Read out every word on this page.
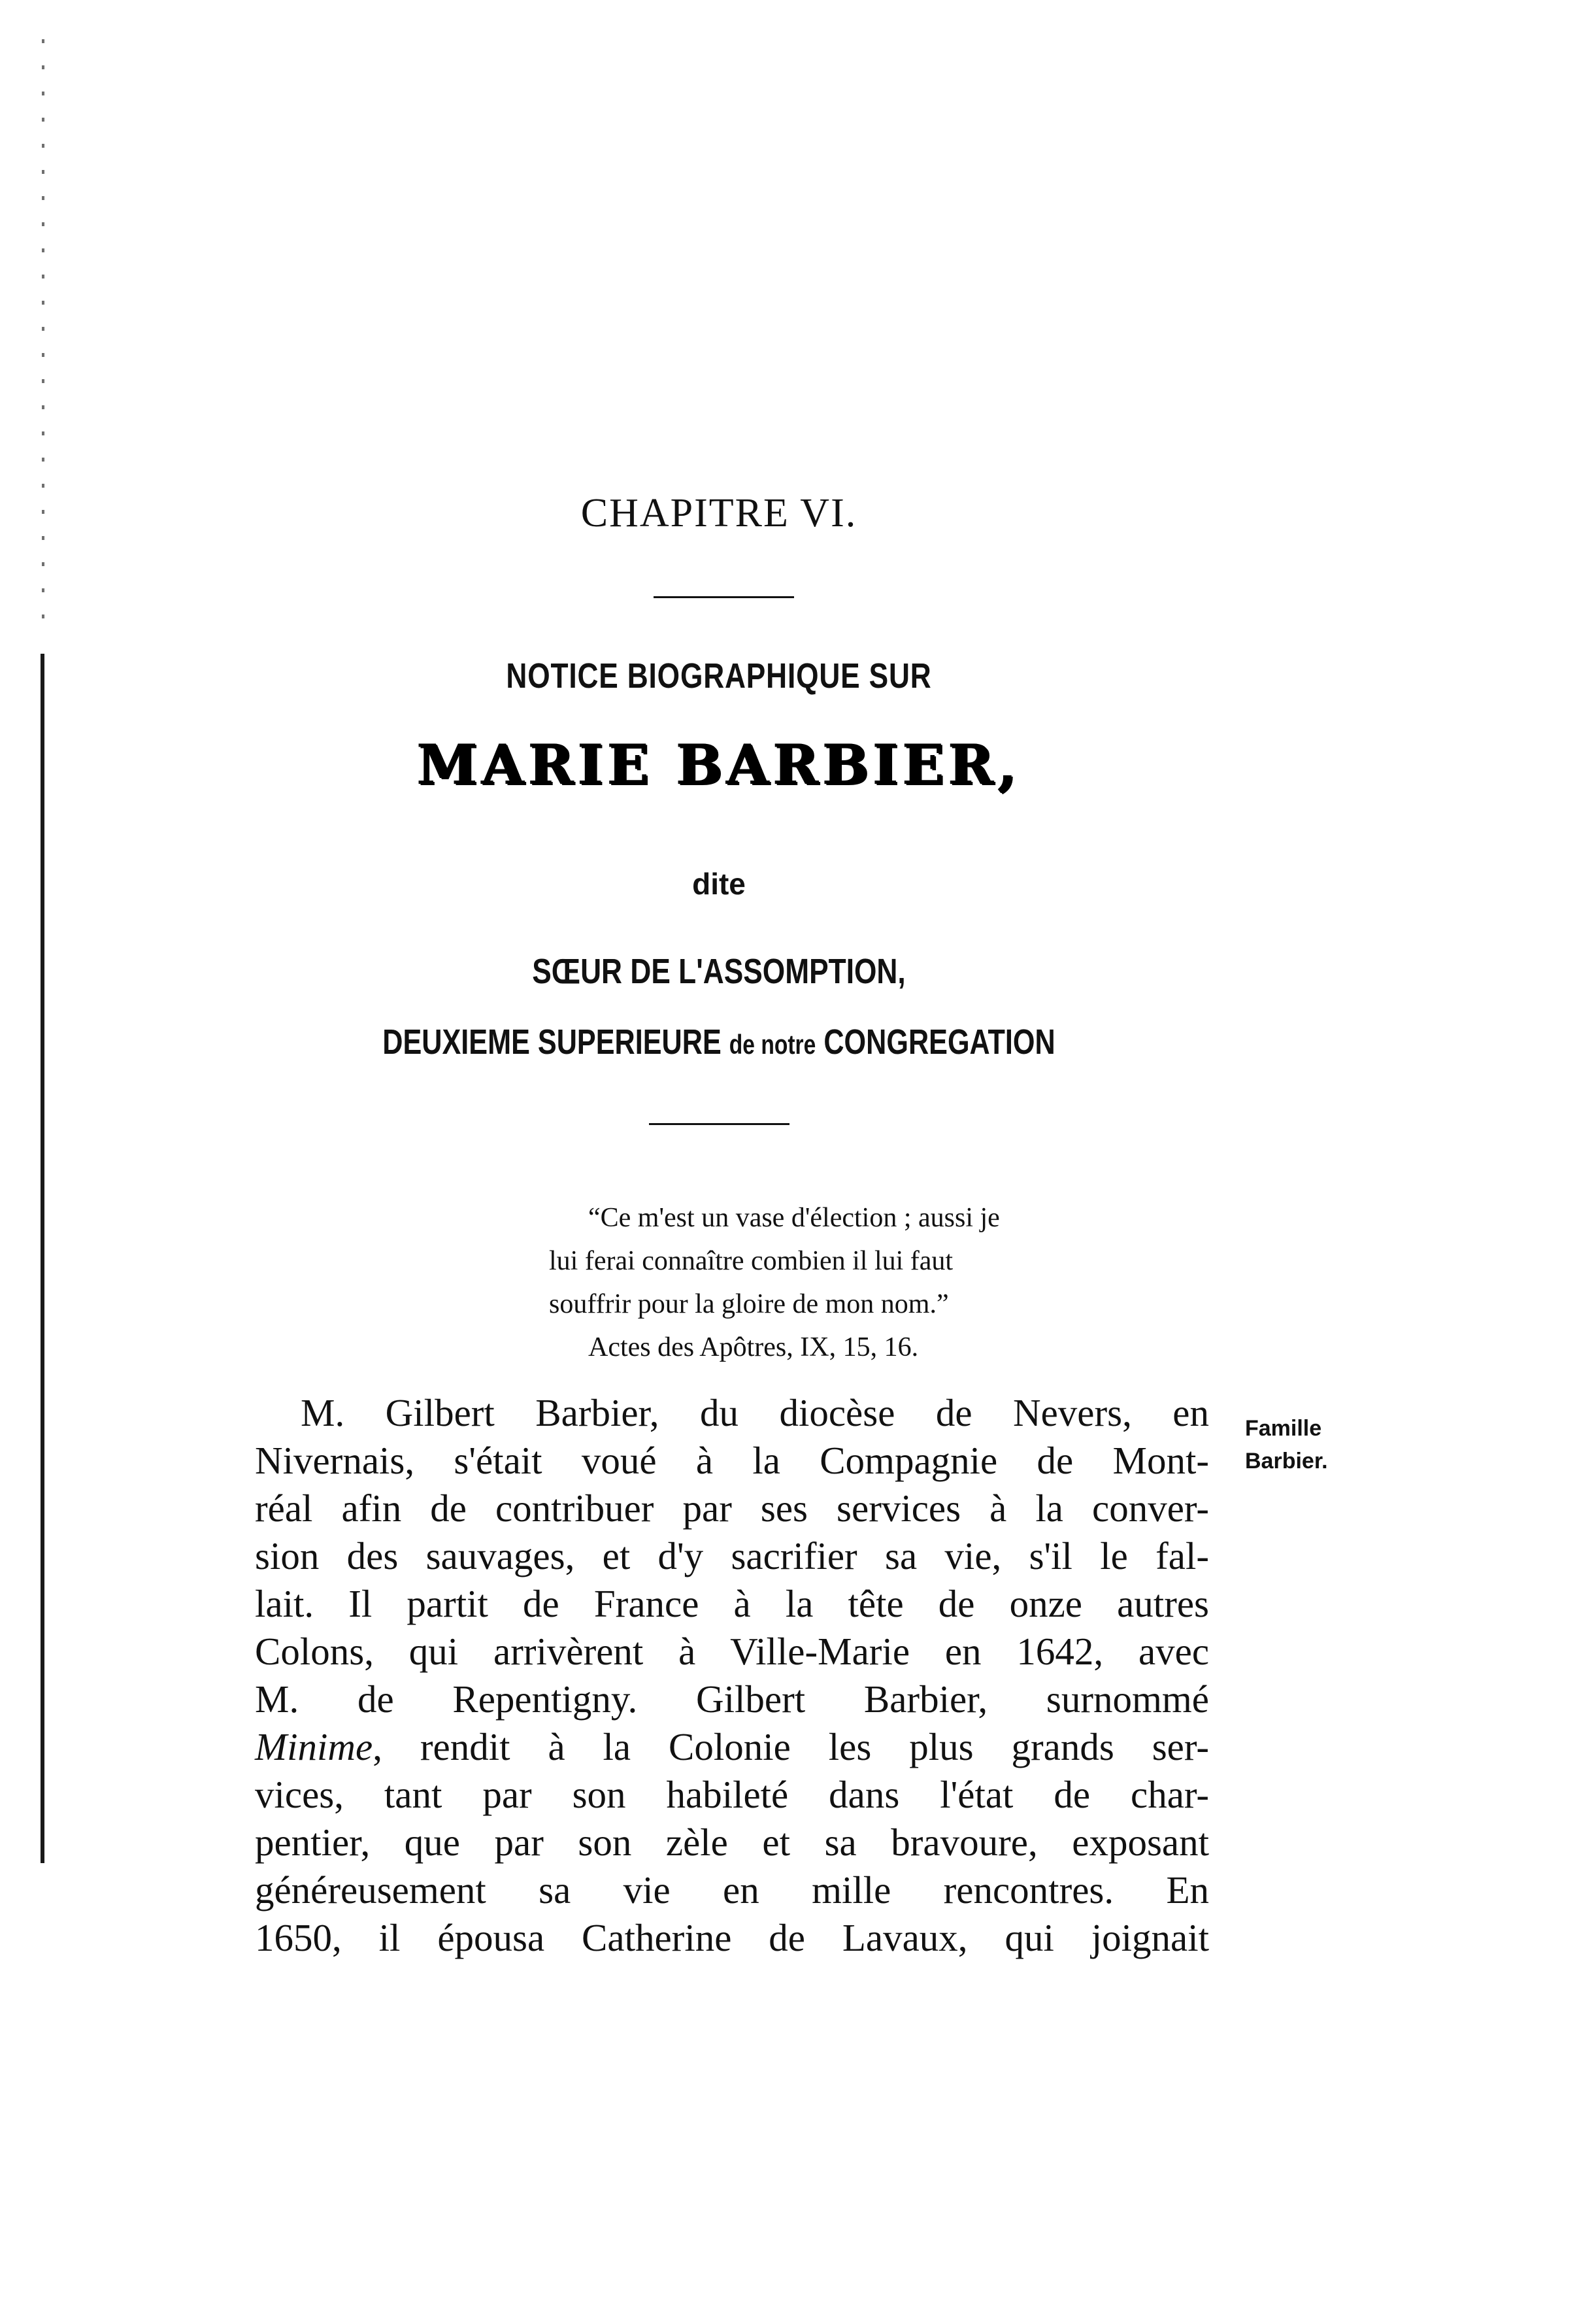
CHAPITRE VI.
NOTICE BIOGRAPHIQUE SUR
MARIE BARBIER,
dite
SŒUR DE L'ASSOMPTION,
DEUXIEME SUPERIEURE de notre CONGREGATION
“Ce m'est un vase d'élection ; aussi je
lui ferai connaître combien il lui faut
souffrir pour la gloire de mon nom.”
Actes des Apôtres, IX, 15, 16.
M. Gilbert Barbier, du diocèse de Nevers, en
Nivernais, s'était voué à la Compagnie de Mont-
réal afin de contribuer par ses services à la conver-
sion des sauvages, et d'y sacrifier sa vie, s'il le fal-
lait. Il partit de France à la tête de onze autres
Colons, qui arrivèrent à Ville-Marie en 1642, avec
M. de Repentigny. Gilbert Barbier, surnommé
Minime, rendit à la Colonie les plus grands ser-
vices, tant par son habileté dans l'état de char-
pentier, que par son zèle et sa bravoure, exposant
généreusement sa vie en mille rencontres. En
1650, il épousa Catherine de Lavaux, qui joignait
Famille
Barbier.
